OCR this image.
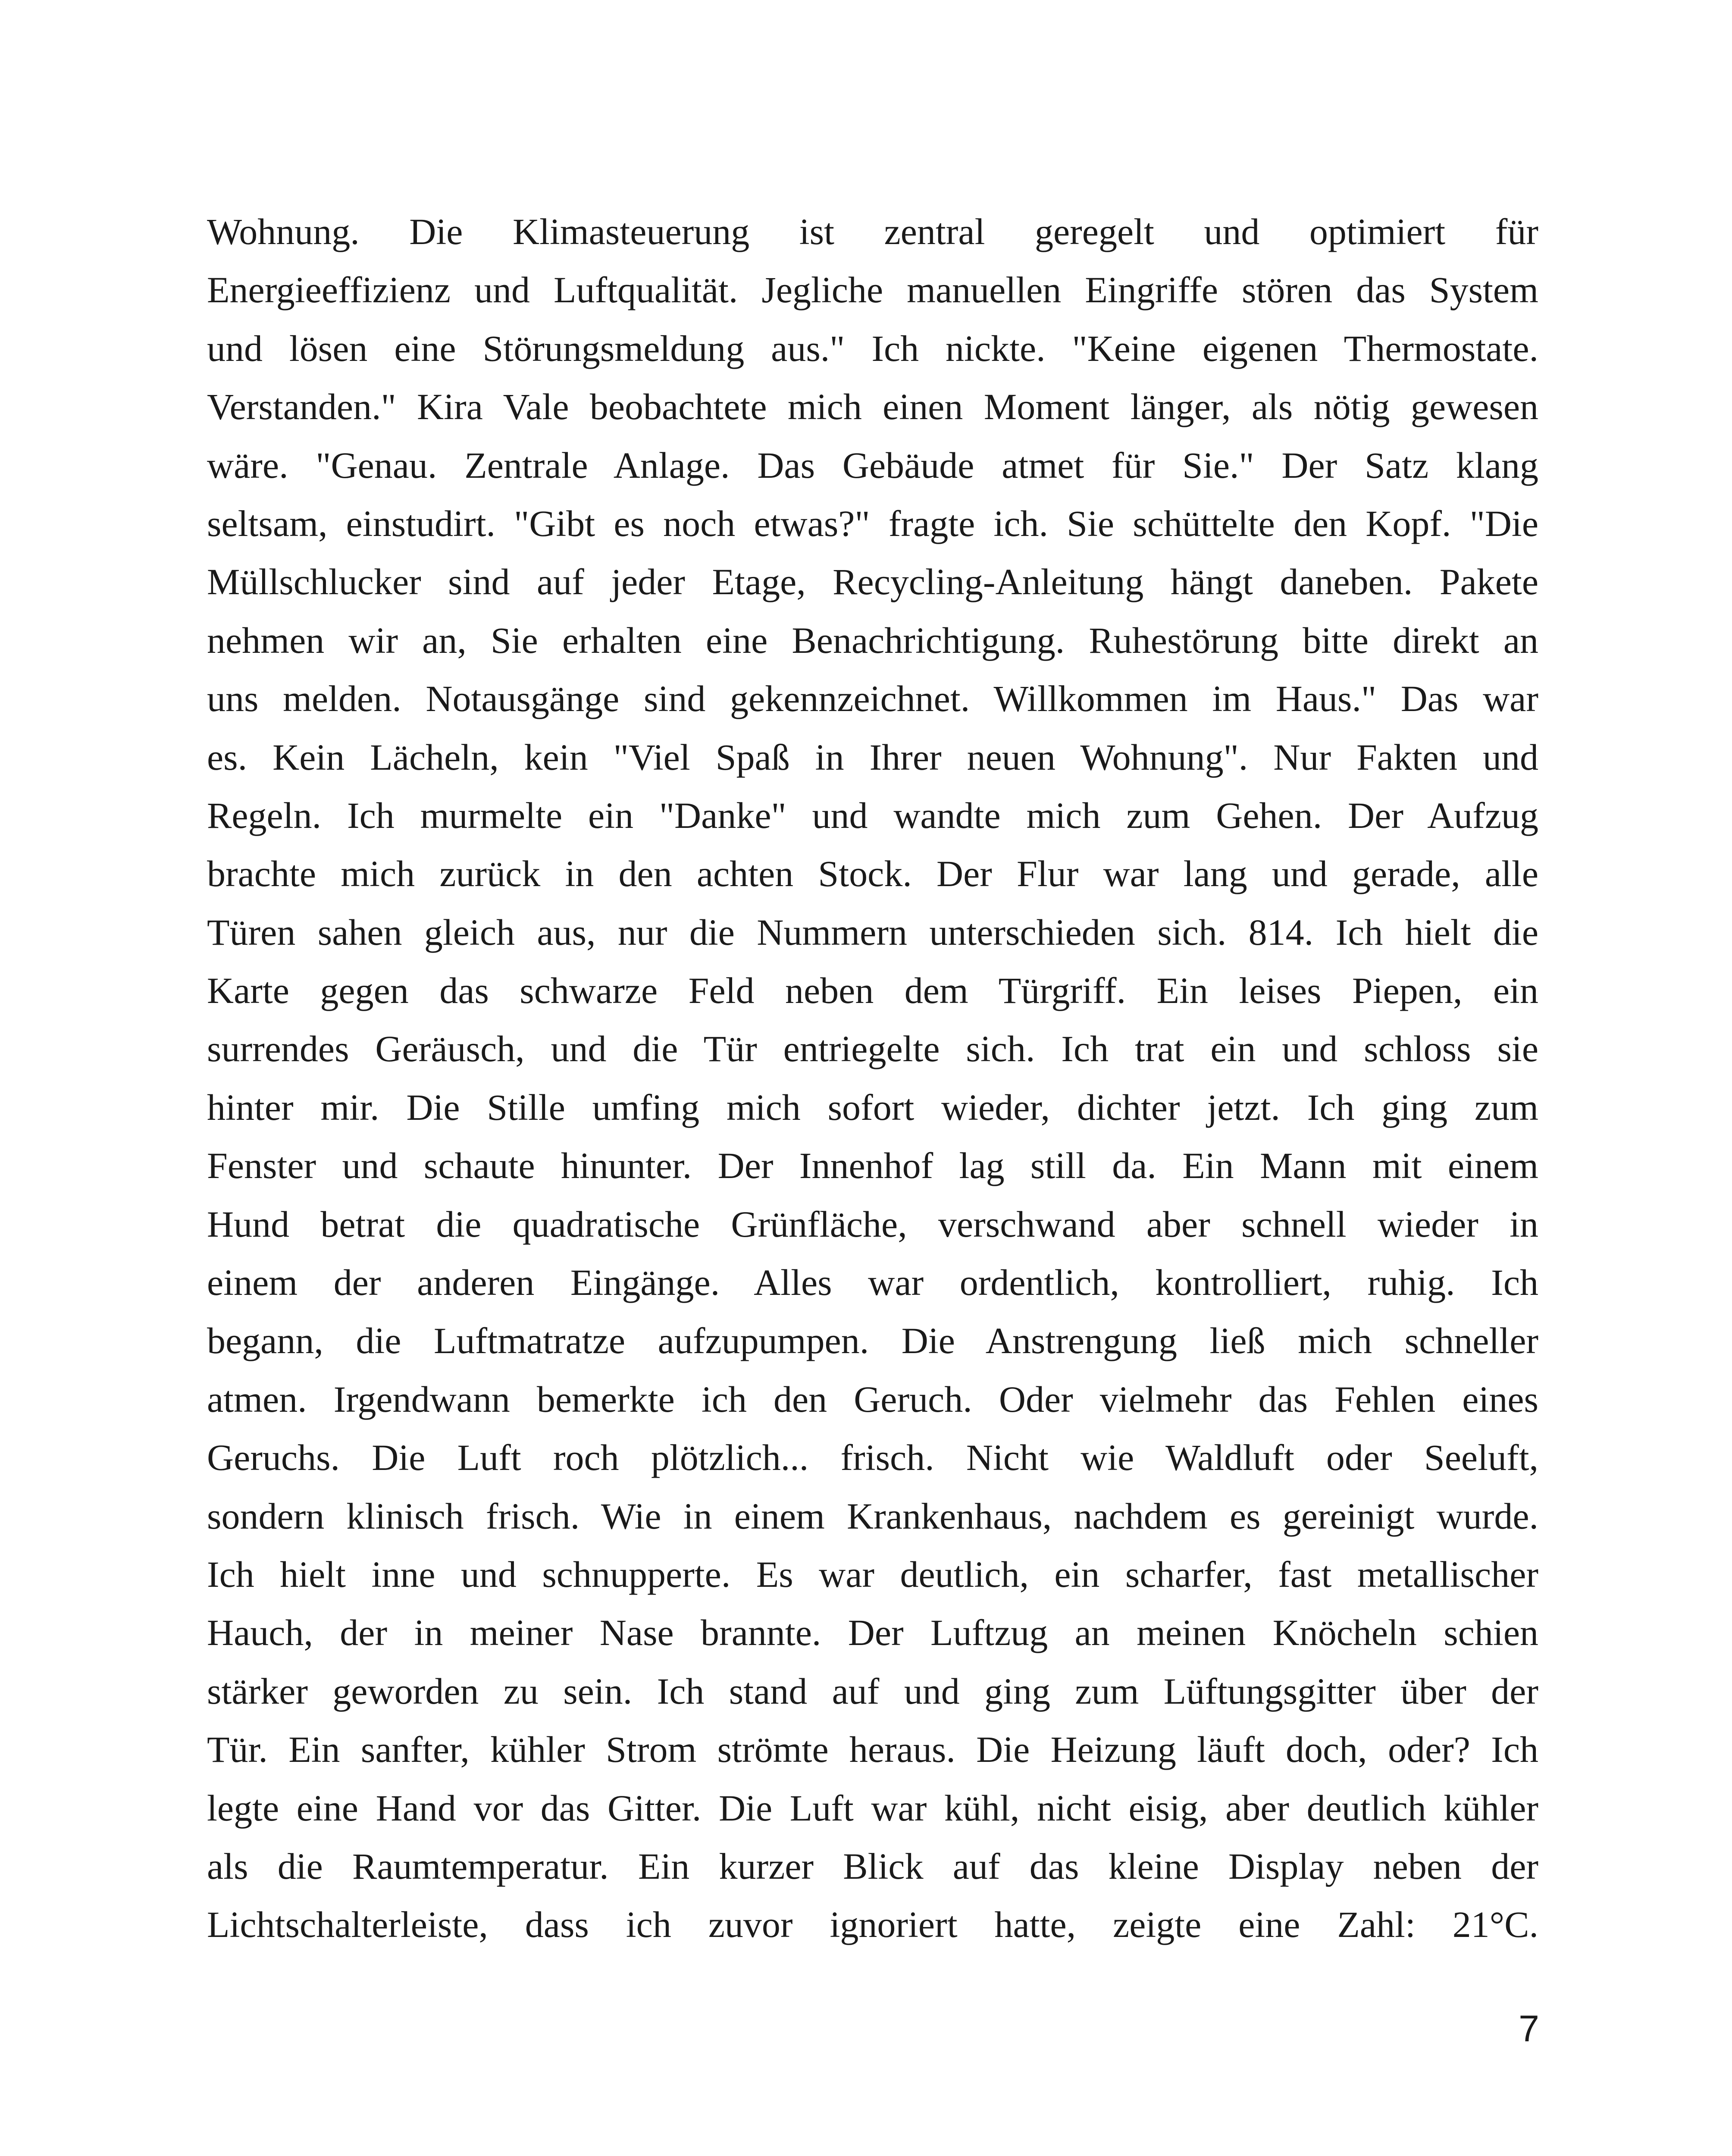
Wohnung. Die Klimasteuerung ist zentral geregelt und optimiert für
Energieeffizienz und Luftqualität. Jegliche manuellen Eingriffe stören das System
und lösen eine Störungsmeldung aus." Ich nickte. "Keine eigenen Thermostate.
Verstanden." Kira Vale beobachtete mich einen Moment länger, als nötig gewesen
wäre. "Genau. Zentrale Anlage. Das Gebäude atmet für Sie." Der Satz klang
seltsam, einstudirt. "Gibt es noch etwas?" fragte ich. Sie schüttelte den Kopf. "Die
Müllschlucker sind auf jeder Etage, Recycling-Anleitung hängt daneben. Pakete
nehmen wir an, Sie erhalten eine Benachrichtigung. Ruhestörung bitte direkt an
uns melden. Notausgänge sind gekennzeichnet. Willkommen im Haus." Das war
es. Kein Lächeln, kein "Viel Spaß in Ihrer neuen Wohnung". Nur Fakten und
Regeln. Ich murmelte ein "Danke" und wandte mich zum Gehen. Der Aufzug
brachte mich zurück in den achten Stock. Der Flur war lang und gerade, alle
Türen sahen gleich aus, nur die Nummern unterschieden sich. 814. Ich hielt die
Karte gegen das schwarze Feld neben dem Türgriff. Ein leises Piepen, ein
surrendes Geräusch, und die Tür entriegelte sich. Ich trat ein und schloss sie
hinter mir. Die Stille umfing mich sofort wieder, dichter jetzt. Ich ging zum
Fenster und schaute hinunter. Der Innenhof lag still da. Ein Mann mit einem
Hund betrat die quadratische Grünfläche, verschwand aber schnell wieder in
einem der anderen Eingänge. Alles war ordentlich, kontrolliert, ruhig. Ich
begann, die Luftmatratze aufzupumpen. Die Anstrengung ließ mich schneller
atmen. Irgendwann bemerkte ich den Geruch. Oder vielmehr das Fehlen eines
Geruchs. Die Luft roch plötzlich... frisch. Nicht wie Waldluft oder Seeluft,
sondern klinisch frisch. Wie in einem Krankenhaus, nachdem es gereinigt wurde.
Ich hielt inne und schnupperte. Es war deutlich, ein scharfer, fast metallischer
Hauch, der in meiner Nase brannte. Der Luftzug an meinen Knöcheln schien
stärker geworden zu sein. Ich stand auf und ging zum Lüftungsgitter über der
Tür. Ein sanfter, kühler Strom strömte heraus. Die Heizung läuft doch, oder? Ich
legte eine Hand vor das Gitter. Die Luft war kühl, nicht eisig, aber deutlich kühler
als die Raumtemperatur. Ein kurzer Blick auf das kleine Display neben der
Lichtschalterleiste, dass ich zuvor ignoriert hatte, zeigte eine Zahl: 21°C.
7
